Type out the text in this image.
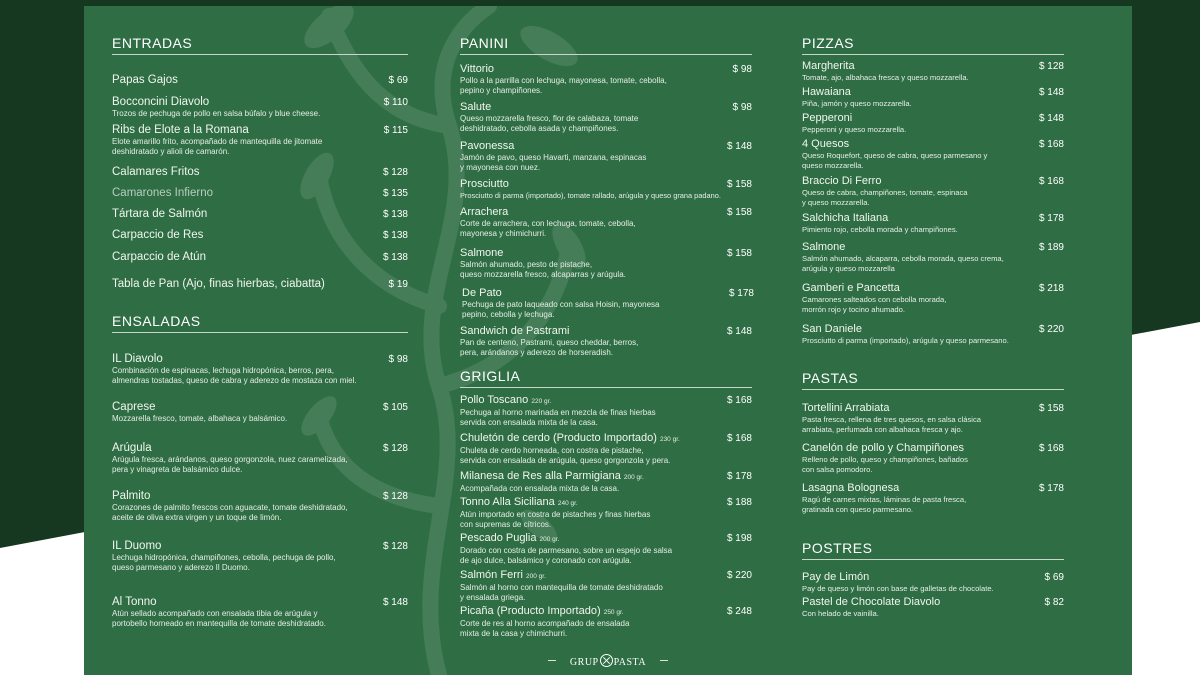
ENTRADAS
Papas Gajos	$ 69
Bocconcini Diavolo	$ 110
Trozos de pechuga de pollo en salsa búfalo y blue cheese.
Ribs de Elote a la Romana	$ 115
Elote amarillo frito, acompañado de mantequilla de jitomate
deshidratado y alioli de camarón.
Calamares Fritos	$ 128
Camarones Infierno	$ 135
Tártara de Salmón	$ 138
Carpaccio de Res	$ 138
Carpaccio de Atún	$ 138
Tabla de Pan (Ajo, finas hierbas, ciabatta)	$ 19
ENSALADAS
IL Diavolo	$ 98
Combinación de espinacas, lechuga hidropónica, berros, pera,
almendras tostadas, queso de cabra y aderezo de mostaza con miel.
Caprese	$ 105
Mozzarella fresco, tomate, albahaca y balsámico.
Arúgula	$ 128
Arúgula fresca, arándanos, queso gorgonzola, nuez caramelizada,
pera y vinagreta de balsámico dulce.
Palmito	$ 128
Corazones de palmito frescos con aguacate, tomate deshidratado,
aceite de oliva extra virgen y un toque de limón.
IL Duomo	$ 128
Lechuga hidropónica, champiñones, cebolla, pechuga de pollo,
queso parmesano y aderezo Il Duomo.
Al Tonno	$ 148
Atún sellado acompañado con ensalada tibia de arúgula y
portobello horneado en mantequilla de tomate deshidratado.
PANINI
Vittorio	$ 98
Pollo a la parrilla con lechuga, mayonesa, tomate, cebolla,
pepino y champiñones.
Salute	$ 98
Queso mozzarella fresco, flor de calabaza, tomate
deshidratado, cebolla asada y champiñones.
Pavonessa	$ 148
Jamón de pavo, queso Havarti, manzana, espinacas
y mayonesa con nuez.
Prosciutto	$ 158
Prosciutto di parma (importado), tomate rallado, arúgula y queso grana padano.
Arrachera	$ 158
Corte de arrachera, con lechuga, tomate, cebolla,
mayonesa y chimichurri.
Salmone	$ 158
Salmón ahumado, pesto de pistache,
queso mozzarella fresco, alcaparras y arúgula.
De Pato	$ 178
Pechuga de pato laqueado con salsa Hoisin, mayonesa
pepino, cebolla y lechuga.
Sandwich de Pastrami	$ 148
Pan de centeno, Pastrami, queso cheddar, berros,
pera, arándanos y aderezo de horseradish.
GRIGLIA
Pollo Toscano 220 gr.	$ 168
Pechuga al horno marinada en mezcla de finas hierbas
servida con ensalada mixta de la casa.
Chuletón de cerdo (Producto Importado) 230 gr.	$ 168
Chuleta de cerdo horneada, con costra de pistache,
servida con ensalada de arúgula, queso gorgonzola y pera.
Milanesa de Res alla Parmigiana 200 gr.	$ 178
Acompañada con ensalada mixta de la casa.
Tonno Alla Siciliana 240 gr.	$ 188
Atún importado en costra de pistaches y finas hierbas
con supremas de cítricos.
Pescado Puglia 200 gr.	$ 198
Dorado con costra de parmesano, sobre un espejo de salsa
de ajo dulce, balsámico y coronado con arúgula.
Salmón Ferri 200 gr.	$ 220
Salmón al horno con mantequilla de tomate deshidratado
y ensalada griega.
Picaña (Producto Importado) 250 gr.	$ 248
Corte de res al horno acompañado de ensalada
mixta de la casa y chimichurri.
PIZZAS
Margherita	$ 128
Tomate, ajo, albahaca fresca y queso mozzarella.
Hawaiana	$ 148
Piña, jamón y queso mozzarella.
Pepperoni	$ 148
Pepperoni y queso mozzarella.
4 Quesos	$ 168
Queso Roquefort, queso de cabra, queso parmesano y
queso mozzarella.
Braccio Di Ferro	$ 168
Queso de cabra, champiñones, tomate, espinaca
y queso mozzarella.
Salchicha Italiana	$ 178
Pimiento rojo, cebolla morada y champiñones.
Salmone	$ 189
Salmón ahumado, alcaparra, cebolla morada, queso crema,
arúgula y queso mozzarella
Gamberi e Pancetta	$ 218
Camarones salteados con cebolla morada,
morrón rojo y tocino ahumado.
San Daniele	$ 220
Prosciutto di parma (importado), arúgula y queso parmesano.
PASTAS
Tortellini Arrabiata	$ 158
Pasta fresca, rellena de tres quesos, en salsa clásica
arrabiata, perfumada con albahaca fresca y ajo.
Canelón de pollo y Champiñones	$ 168
Relleno de pollo, queso y champiñones, bañados
con salsa pomodoro.
Lasagna Bolognesa	$ 178
Ragú de carnes mixtas, láminas de pasta fresca,
gratinada con queso parmesano.
POSTRES
Pay de Limón	$ 69
Pay de queso y limón con base de galletas de chocolate.
Pastel de Chocolate Diavolo	$ 82
Con helado de vainilla.
GRUP PASTA
